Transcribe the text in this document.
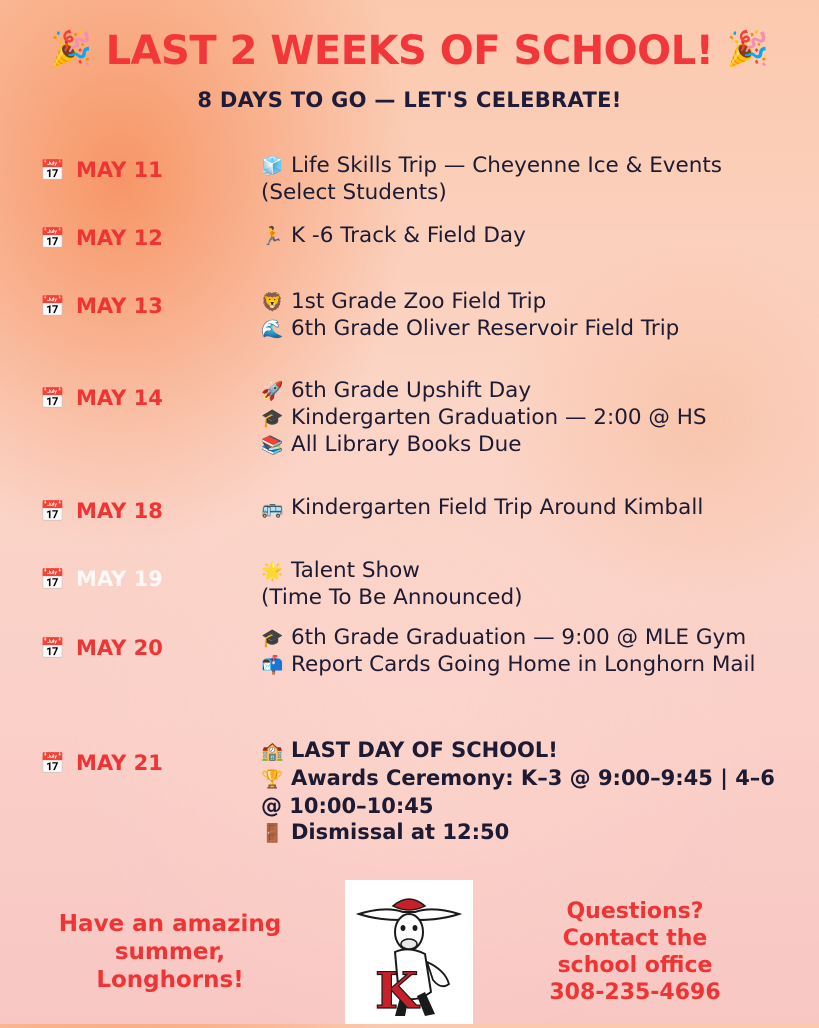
🎉 LAST 2 WEEKS OF SCHOOL! 🎉
8 DAYS TO GO — LET'S CELEBRATE!
📅 MAY 11	🧊 Life Skills Trip — Cheyenne Ice & Events (Select Students)
📅 MAY 12	🏃 K -6 Track & Field Day
📅 MAY 13	🦁 1st Grade Zoo Field Trip
🌊 6th Grade Oliver Reservoir Field Trip
📅 MAY 14	🚀 6th Grade Upshift Day
🎓 Kindergarten Graduation — 2:00 @ HS
📚 All Library Books Due
📅 MAY 18	🚌 Kindergarten Field Trip Around Kimball
📅 MAY 19	🌟 Talent Show
(Time To Be Announced)
📅 MAY 20	🎓 6th Grade Graduation — 9:00 @ MLE Gym
📬 Report Cards Going Home in Longhorn Mail
📅 MAY 21	🏫 LAST DAY OF SCHOOL!
🏆 Awards Ceremony: K–3 @ 9:00–9:45 | 4–6 @ 10:00–10:45
🚪 Dismissal at 12:50
Have an amazing
summer,
Longhorns!	K
Questions?
Contact the
school office
308-235-4696
